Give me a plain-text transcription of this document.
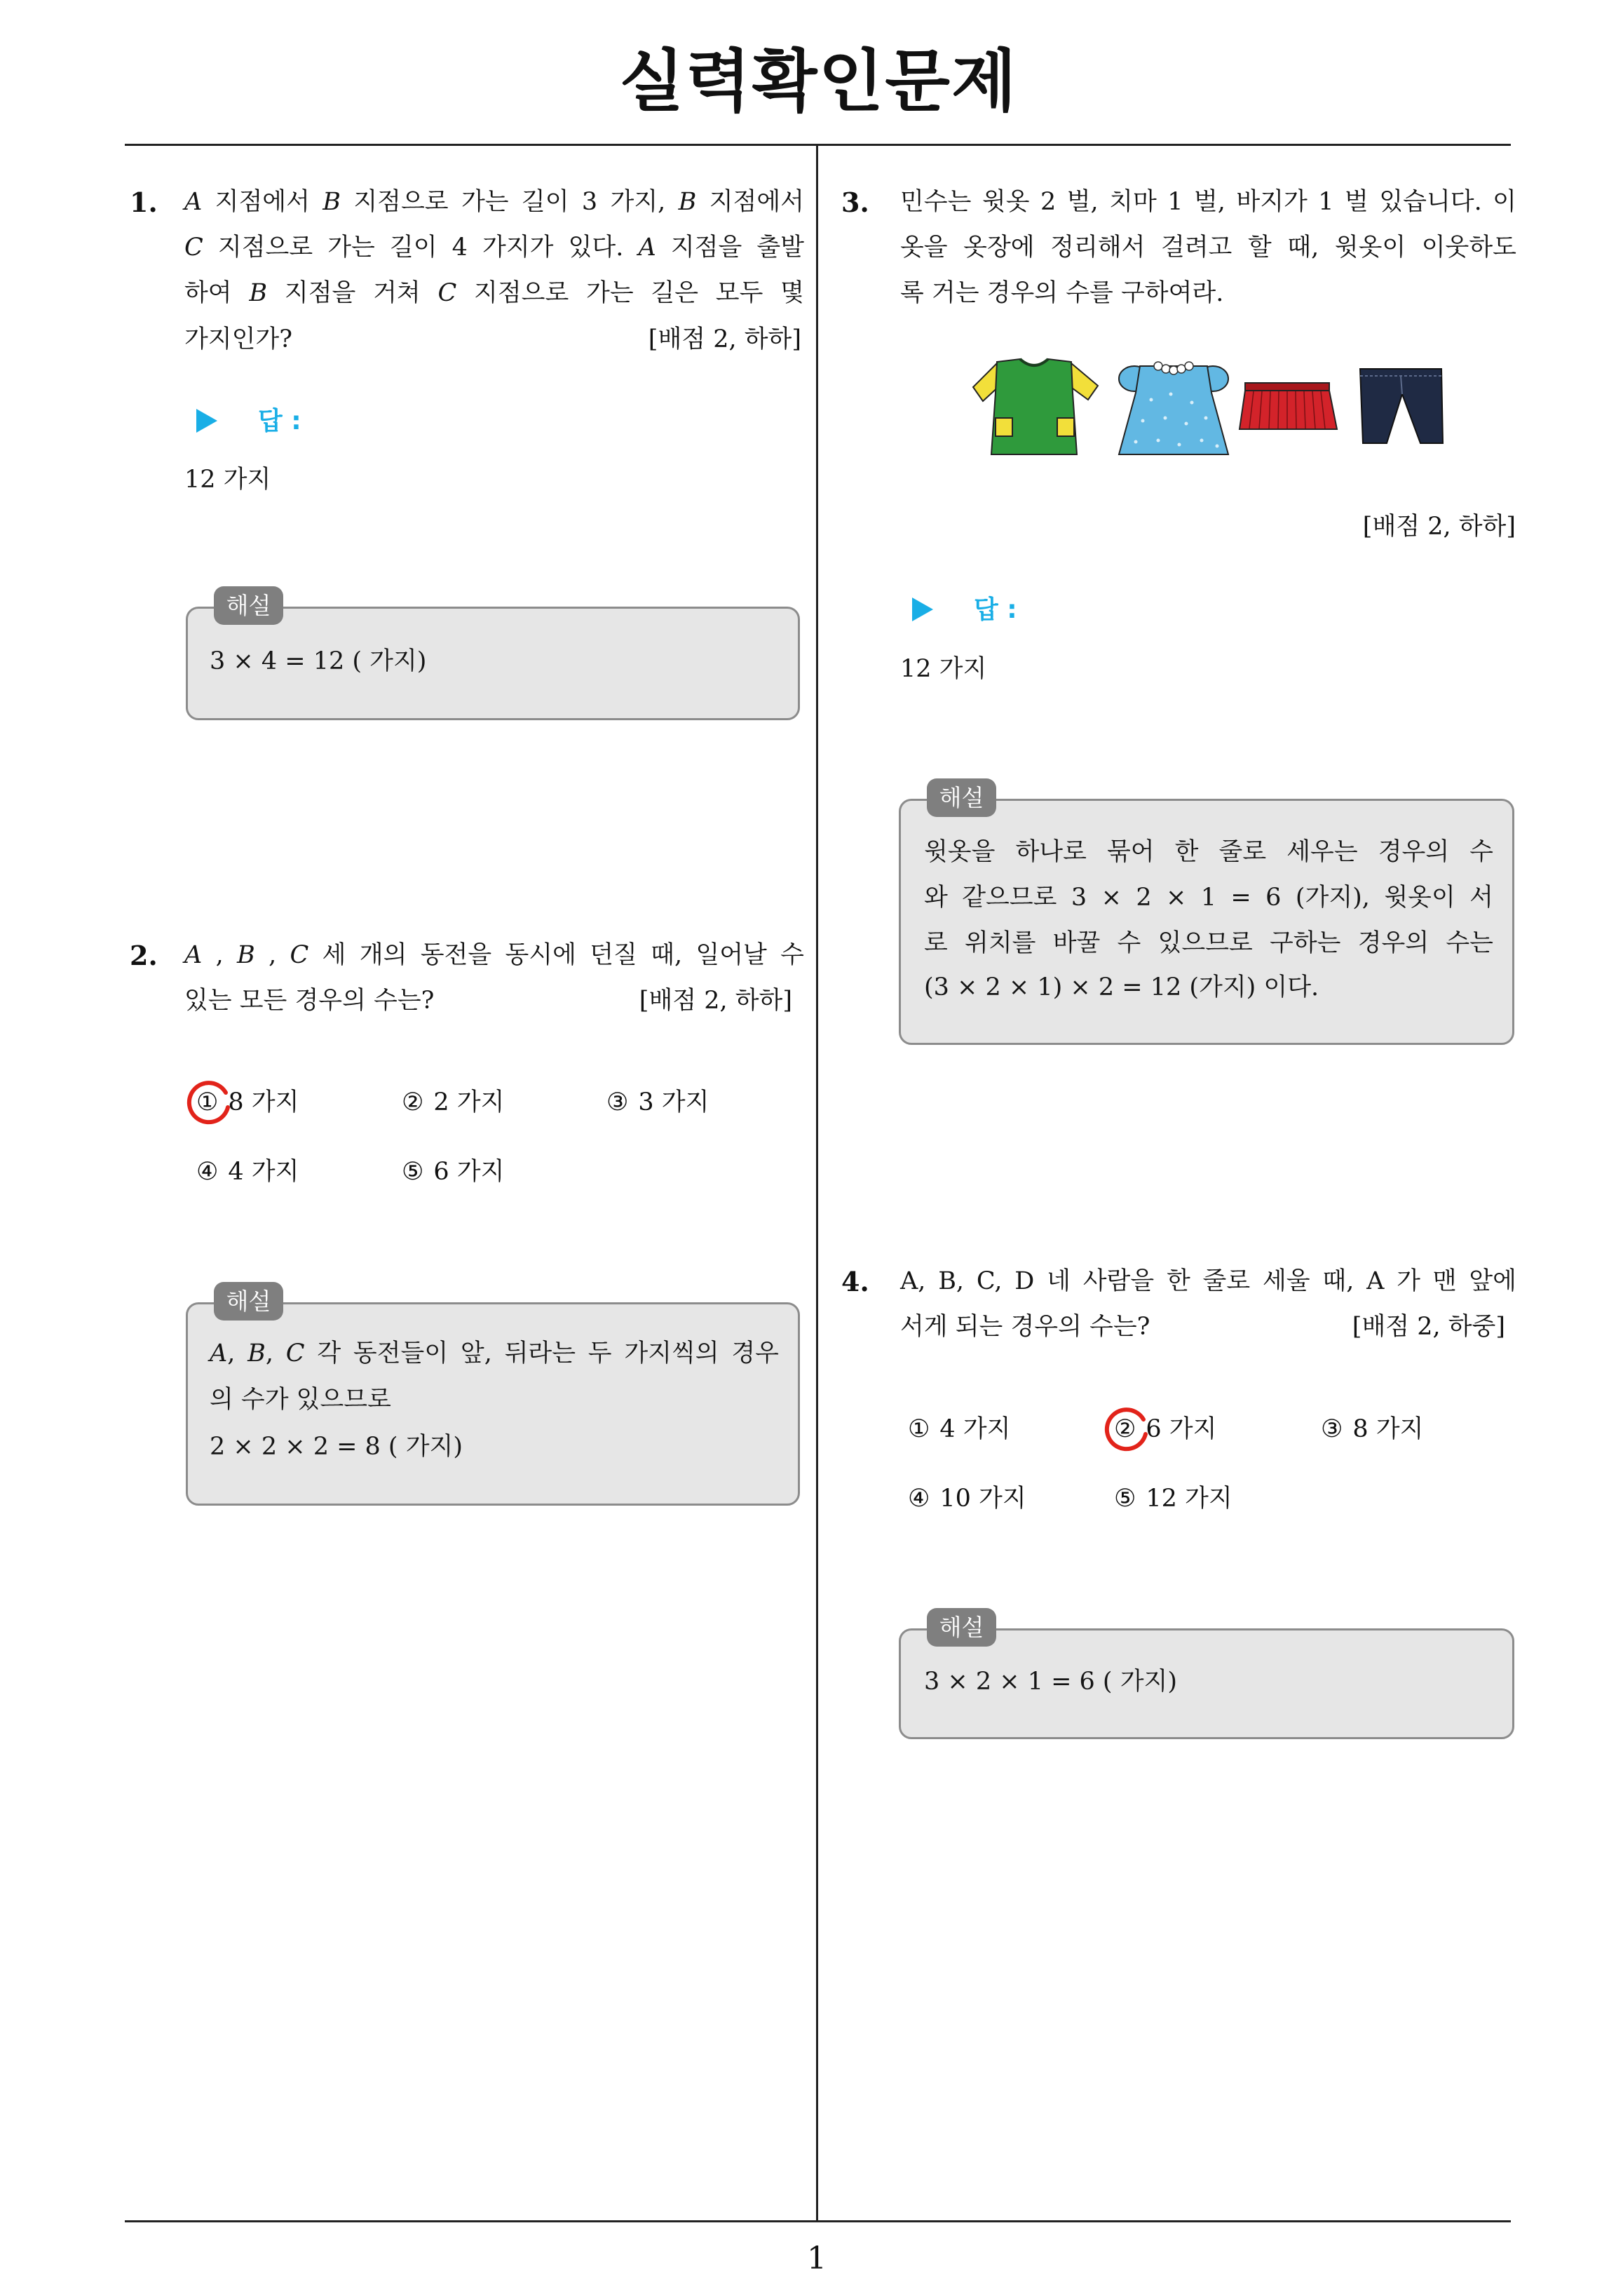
실력확인문제
1
1. A 지점에서 B 지점으로 가는 길이 3 가지, B 지점에서
C 지점으로 가는 길이 4 가지가 있다. A 지점을 출발
하여 B 지점을 거쳐 C 지점으로 가는 길은 모두 몇
가지인가?	[배점 2, 하하]
답 :
12 가지
해설
3 × 4 = 12 ( 가지)
2. A , B , C 세 개의 동전을 동시에 던질 때, 일어날 수
있는 모든 경우의 수는?	[배점 2, 하하]
① 8 가지	② 2 가지	③ 3 가지
④ 4 가지	⑤ 6 가지
해설
A, B, C 각 동전들이 앞, 뒤라는 두 가지씩의 경우
의 수가 있으므로
2 × 2 × 2 = 8 ( 가지)
3. 민수는 윗옷 2 벌, 치마 1 벌, 바지가 1 벌 있습니다. 이
옷을 옷장에 정리해서 걸려고 할 때, 윗옷이 이웃하도
록 거는 경우의 수를 구하여라.
[배점 2, 하하]
답 :
12 가지
해설
윗옷을 하나로 묶어 한 줄로 세우는 경우의 수
와 같으므로 3 × 2 × 1 = 6 (가지), 윗옷이 서
로 위치를 바꿀 수 있으므로 구하는 경우의 수는
(3 × 2 × 1) × 2 = 12 (가지) 이다.
4. A, B, C, D 네 사람을 한 줄로 세울 때, A 가 맨 앞에
서게 되는 경우의 수는?	[배점 2, 하중]
① 4 가지	② 6 가지	③ 8 가지
④ 10 가지	⑤ 12 가지
해설
3 × 2 × 1 = 6 ( 가지)
